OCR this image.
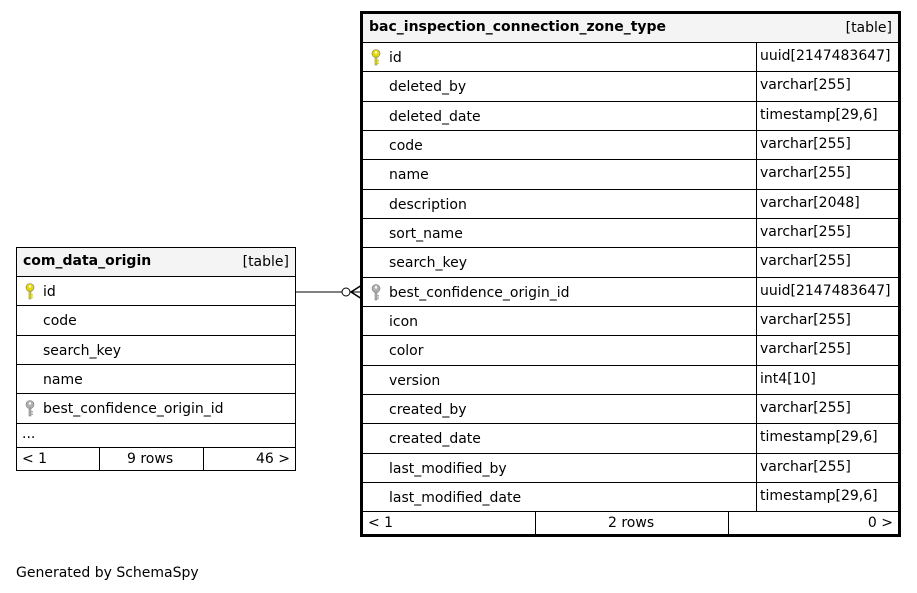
com_data_origin	[table]
id
code
search_key
name
best_confidence_origin_id
...
< 1	9 rows	46 >
bac_inspection_connection_zone_type	[table]
id	uuid[2147483647]
deleted_by	varchar[255]
deleted_date	timestamp[29,6]
code	varchar[255]
name	varchar[255]
description	varchar[2048]
sort_name	varchar[255]
search_key	varchar[255]
best_confidence_origin_id	uuid[2147483647]
icon	varchar[255]
color	varchar[255]
version	int4[10]
created_by	varchar[255]
created_date	timestamp[29,6]
last_modified_by	varchar[255]
last_modified_date	timestamp[29,6]
< 1	2 rows	0 >
Generated by SchemaSpy
